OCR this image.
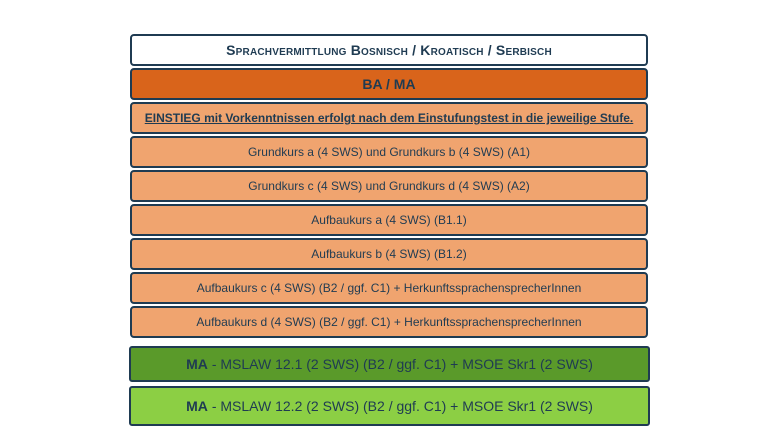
Sprachvermittlung Bosnisch / Kroatisch / Serbisch
BA / MA
EINSTIEG mit Vorkenntnissen erfolgt nach dem Einstufungstest in die jeweilige Stufe.
Grundkurs a (4 SWS) und Grundkurs b (4 SWS) (A1)
Grundkurs c (4 SWS) und Grundkurs d (4 SWS) (A2)
Aufbaukurs a (4 SWS) (B1.1)
Aufbaukurs b (4 SWS) (B1.2)
Aufbaukurs c (4 SWS) (B2 / ggf. C1) + HerkunftssprachensprecherInnen
Aufbaukurs d (4 SWS) (B2 / ggf. C1) + HerkunftssprachensprecherInnen
MA - MSLAW 12.1 (2 SWS) (B2 / ggf. C1) + MSOE Skr1 (2 SWS)
MA - MSLAW 12.2 (2 SWS) (B2 / ggf. C1) + MSOE Skr1 (2 SWS)
